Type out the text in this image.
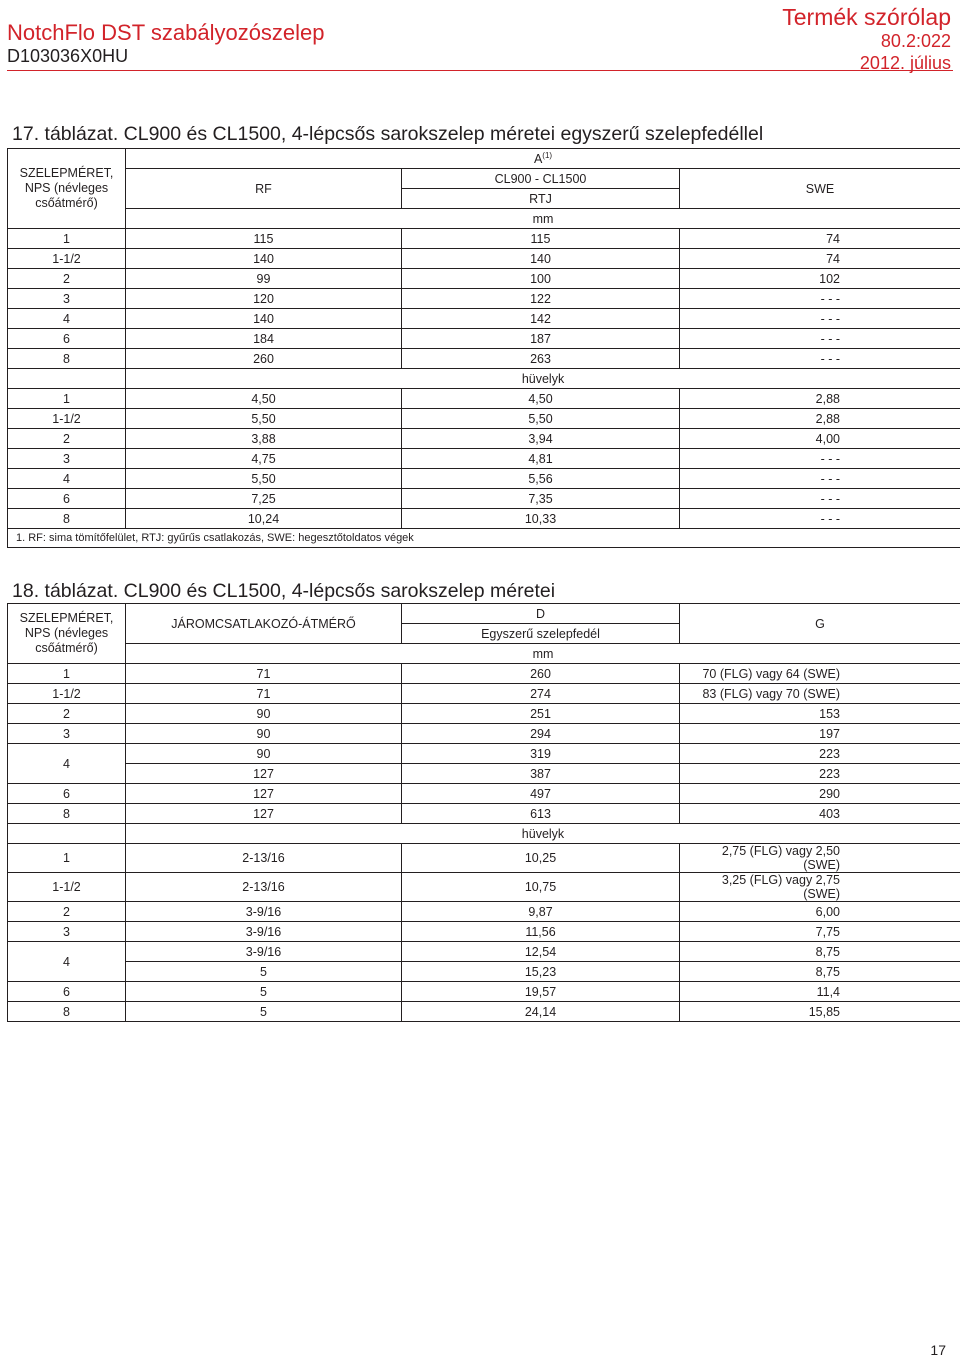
NotchFlo DST szabályozószelep
D103036X0HU
Termék szórólap
80.2:022
2012. július
17. táblázat. CL900 és CL1500, 4-lépcsős sarokszelep méretei egyszerű szelepfedéllel
SZELEPMÉRET,
NPS (névleges
csőátmérő)	$A^{(1)}$
	RF	CL900 - CL1500	SWE
		RTJ	
	mm		
1	115	115	74
1-1/2	140	140	74
2	99	100	102
3	120	122	- - -
4	140	142	- - -
6	184	187	- - -
8	260	263	- - -
	hüvelyk		
1	4,50	4,50	2,88
1-1/2	5,50	5,50	2,88
2	3,88	3,94	4,00
3	4,75	4,81	- - -
4	5,50	5,56	- - -
6	7,25	7,35	- - -
8	10,24	10,33	- - -
1. RF: sima tömítőfelület, RTJ: gyűrűs csatlakozás, SWE: hegesztőtoldatos végek			
18. táblázat. CL900 és CL1500, 4-lépcsős sarokszelep méretei
SZELEPMÉRET,
NPS (névleges
csőátmérő)	JÁROMCSATLAKOZÓ-ÁTMÉRŐ	D	G
		Egyszerű szelepfedél	
	mm		
1	71	260	70 (FLG) vagy 64 (SWE)
1-1/2	71	274	83 (FLG) vagy 70 (SWE)
2	90	251	153
3	90	294	197
4	90	319	223
	127	387	223
6	127	497	290
8	127	613	403
	hüvelyk		
1	2-13/16	10,25	2,75 (FLG) vagy 2,50 (SWE)
1-1/2	2-13/16	10,75	3,25 (FLG) vagy 2,75 (SWE)
2	3-9/16	9,87	6,00
3	3-9/16	11,56	7,75
4	3-9/16	12,54	8,75
	5	15,23	8,75
6	5	19,57	11,4
8	5	24,14	15,85
17
